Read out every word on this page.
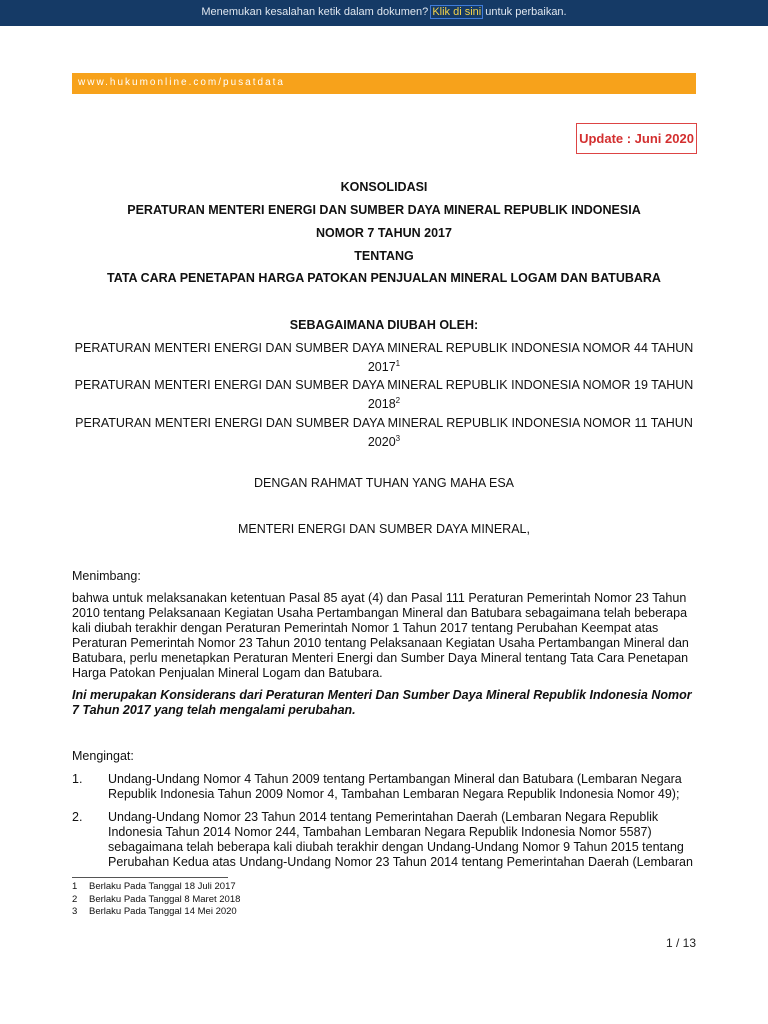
Menemukan kesalahan ketik dalam dokumen? Klik di sini untuk perbaikan.
www.hukumonline.com/pusatdata
Update : Juni 2020
KONSOLIDASI
PERATURAN MENTERI ENERGI DAN SUMBER DAYA MINERAL REPUBLIK INDONESIA
NOMOR 7 TAHUN 2017
TENTANG
TATA CARA PENETAPAN HARGA PATOKAN PENJUALAN MINERAL LOGAM DAN BATUBARA
SEBAGAIMANA DIUBAH OLEH:
PERATURAN MENTERI ENERGI DAN SUMBER DAYA MINERAL REPUBLIK INDONESIA NOMOR 44 TAHUN
2017$^1$
PERATURAN MENTERI ENERGI DAN SUMBER DAYA MINERAL REPUBLIK INDONESIA NOMOR 19 TAHUN
2018$^2$
PERATURAN MENTERI ENERGI DAN SUMBER DAYA MINERAL REPUBLIK INDONESIA NOMOR 11 TAHUN
2020$^3$
DENGAN RAHMAT TUHAN YANG MAHA ESA
MENTERI ENERGI DAN SUMBER DAYA MINERAL,
Menimbang:
bahwa untuk melaksanakan ketentuan Pasal 85 ayat (4) dan Pasal 111 Peraturan Pemerintah Nomor 23 Tahun 2010 tentang Pelaksanaan Kegiatan Usaha Pertambangan Mineral dan Batubara sebagaimana telah beberapa kali diubah terakhir dengan Peraturan Pemerintah Nomor 1 Tahun 2017 tentang Perubahan Keempat atas Peraturan Pemerintah Nomor 23 Tahun 2010 tentang Pelaksanaan Kegiatan Usaha Pertambangan Mineral dan Batubara, perlu menetapkan Peraturan Menteri Energi dan Sumber Daya Mineral tentang Tata Cara Penetapan Harga Patokan Penjualan Mineral Logam dan Batubara.
Ini merupakan Konsiderans dari Peraturan Menteri Dan Sumber Daya Mineral Republik Indonesia Nomor 7 Tahun 2017 yang telah mengalami perubahan.
Mengingat:
1. Undang-Undang Nomor 4 Tahun 2009 tentang Pertambangan Mineral dan Batubara (Lembaran Negara Republik Indonesia Tahun 2009 Nomor 4, Tambahan Lembaran Negara Republik Indonesia Nomor 49);
2. Undang-Undang Nomor 23 Tahun 2014 tentang Pemerintahan Daerah (Lembaran Negara Republik Indonesia Tahun 2014 Nomor 244, Tambahan Lembaran Negara Republik Indonesia Nomor 5587) sebagaimana telah beberapa kali diubah terakhir dengan Undang-Undang Nomor 9 Tahun 2015 tentang Perubahan Kedua atas Undang-Undang Nomor 23 Tahun 2014 tentang Pemerintahan Daerah (Lembaran
1 Berlaku Pada Tanggal 18 Juli 2017
2 Berlaku Pada Tanggal 8 Maret 2018
3 Berlaku Pada Tanggal 14 Mei 2020
1 / 13
